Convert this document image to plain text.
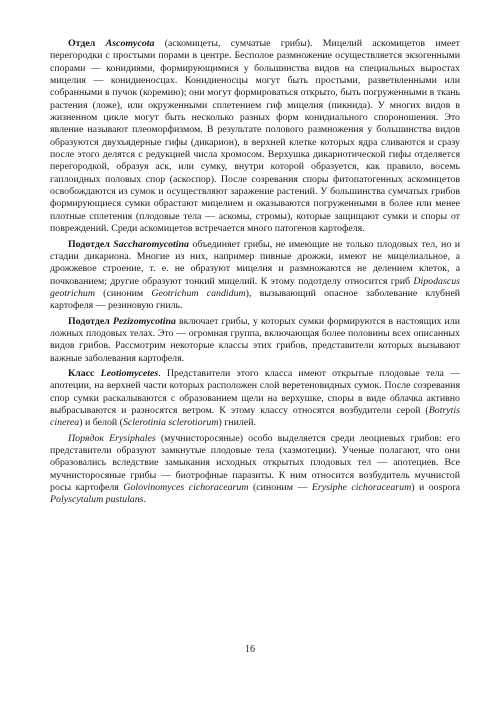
Отдел Ascomycota (аскомицеты, сумчатые грибы). Мицелий аскомицетов имеет перегородки с простыми порами в центре. Бесполое размножение осуществляется экзогенными спорами — конидиями, формирующимися у большинства видов на специальных выростах мицелия — конидиеносцах. Конидиеносцы могут быть простыми, разветвленными или собранными в пучок (коремию); они могут формироваться открыто, быть погруженными в ткань растения (ложе), или окруженными сплетением гиф мицелия (пикнида). У многих видов в жизненном цикле могут быть несколько разных форм конидиального спороношения. Это явление называют плеоморфизмом. В результате полового размножения у большинства видов образуются двухъядерные гифы (дикарион), в верхней клетке которых ядра сливаются и сразу после этого делятся с редукцией числа хромосом. Верхушка дикариотической гифы отделяется перегородкой, образуя аск, или сумку, внутри которой образуется, как правило, восемь гаплоидных половых спор (аскоспор). После созревания споры фитопатогенных аскомицетов освобождаются из сумок и осуществляют заражение растений. У большинства сумчатых грибов формирующиеся сумки обрастают мицелием и оказываются погруженными в более или менее плотные сплетения (плодовые тела — аскомы, стромы), которые защищают сумки и споры от повреждений. Среди аскомицетов встречается много патогенов картофеля.

Подотдел Saccharomycotina объединяет грибы, не имеющие не только плодовых тел, но и стадии дикариона. Многие из них, например пивные дрожжи, имеют не мицелиальное, а дрожжевое строение, т. е. не образуют мицелия и размножаются не делением клеток, а почкованием; другие образуют тонкий мицелий. К этому подотделу относится гриб Dipodascus geotrichum (синоним Geotrichum candidum), вызывающий опасное заболевание клубней картофеля — резиновую гниль.

Подотдел Pezizomycotina включает грибы, у которых сумки формируются в настоящих или ложных плодовых телах. Это — огромная группа, включающая более половины всех описанных видов грибов. Рассмотрим некоторые классы этих грибов, представители которых вызывают важные заболевания картофеля.

Класс Leotiomycetes. Представители этого класса имеют открытые плодовые тела — апотеции, на верхней части которых расположен слой веретеновидных сумок. После созревания спор сумки раскалываются с образованием щели на верхушке, споры в виде облачка активно выбрасываются и разносятся ветром. К этому классу относятся возбудители серой (Botrytis cinerea) и белой (Sclerotinia sclerotiorum) гнилей.

Порядок Erysiphales (мучнисторосяные) особо выделяется среди леоциевых грибов: его представители образуют замкнутые плодовые тела (хазмотеции). Ученые полагают, что они образовались вследствие замыкания исходных открытых плодовых тел — апотециев. Все мучнисторосяные грибы — биотрофные паразиты. К ним относится возбудитель мучнистой росы картофеля Golovinomyces cichoracearum (синоним — Erysiphe cichoracearum) и оospora Polyscytalum pustulans.

16
